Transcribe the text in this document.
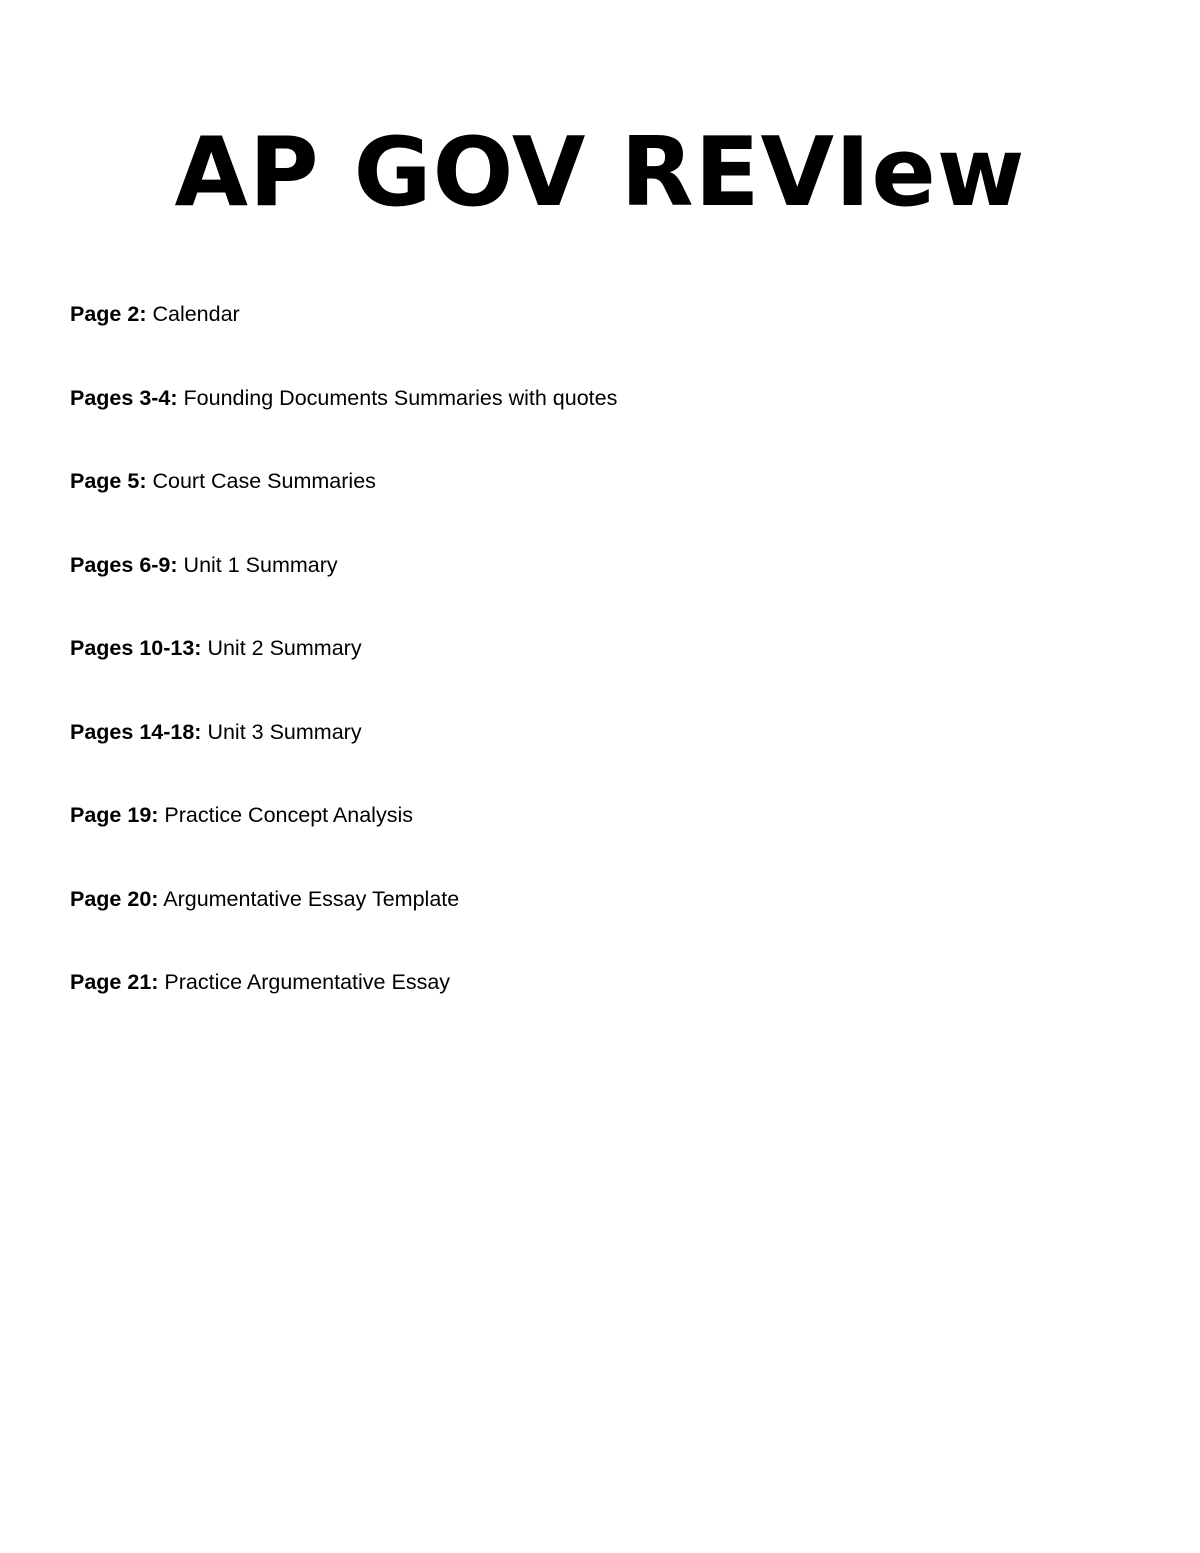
AP GOV REVIew
Page 2: Calendar
Pages 3-4: Founding Documents Summaries with quotes
Page 5: Court Case Summaries
Pages 6-9: Unit 1 Summary
Pages 10-13: Unit 2 Summary
Pages 14-18: Unit 3 Summary
Page 19: Practice Concept Analysis
Page 20: Argumentative Essay Template
Page 21: Practice Argumentative Essay
